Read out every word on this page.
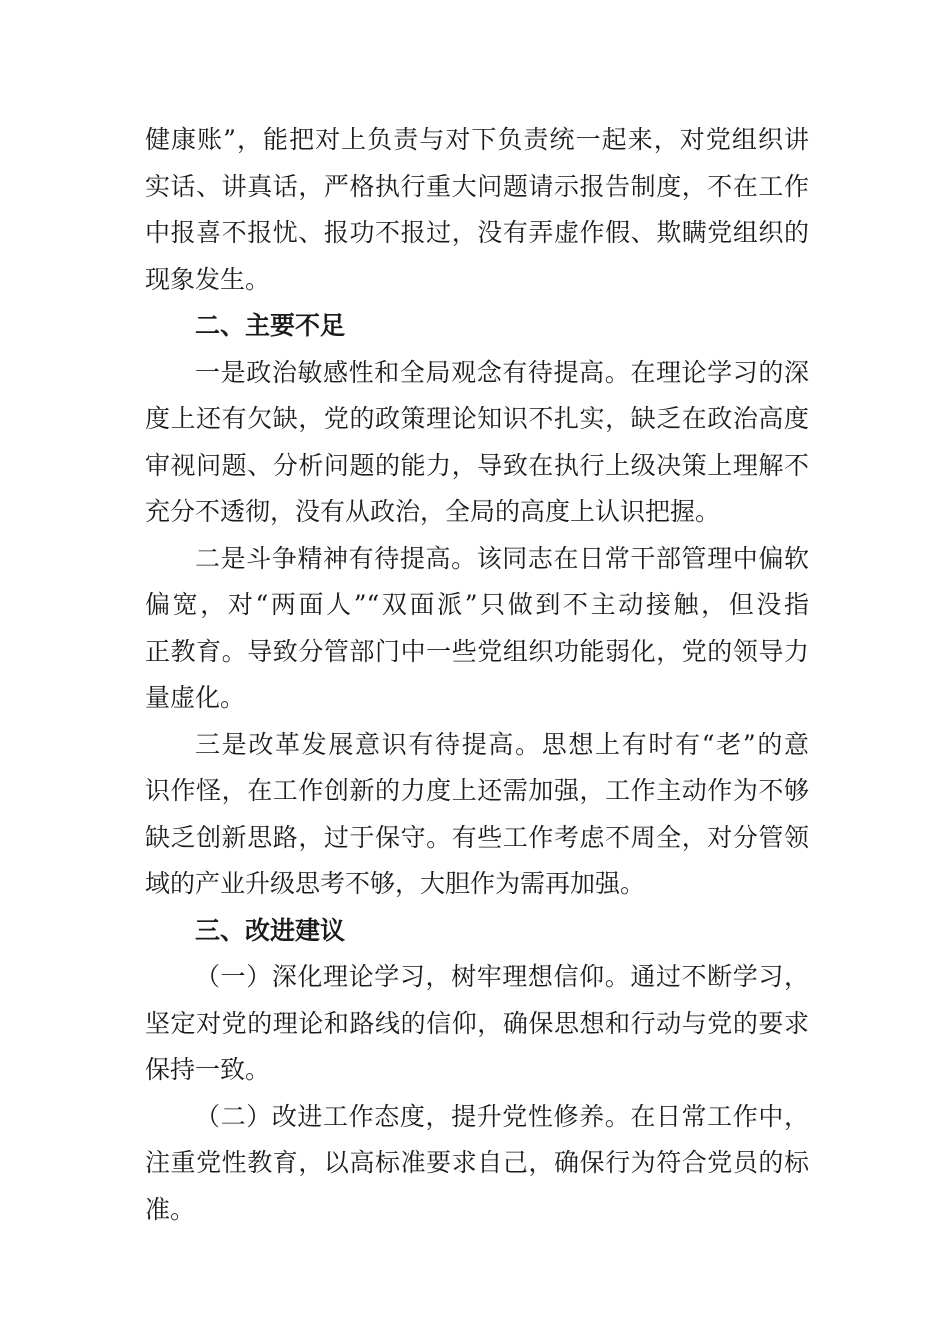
健康账”，能把对上负责与对下负责统一起来，对党组织讲
实话、讲真话，严格执行重大问题请示报告制度，不在工作
中报喜不报忧、报功不报过，没有弄虚作假、欺瞒党组织的
现象发生。
二、主要不足
一是政治敏感性和全局观念有待提高。在理论学习的深
度上还有欠缺，党的政策理论知识不扎实，缺乏在政治高度
审视问题、分析问题的能力，导致在执行上级决策上理解不
充分不透彻，没有从政治，全局的高度上认识把握。
二是斗争精神有待提高。该同志在日常干部管理中偏软
偏宽，对“两面人”“双面派”只做到不主动接触，但没指
正教育。导致分管部门中一些党组织功能弱化，党的领导力
量虚化。
三是改革发展意识有待提高。思想上有时有“老”的意
识作怪，在工作创新的力度上还需加强，工作主动作为不够
缺乏创新思路，过于保守。有些工作考虑不周全，对分管领
域的产业升级思考不够，大胆作为需再加强。
三、改进建议
（一）深化理论学习，树牢理想信仰。通过不断学习，
坚定对党的理论和路线的信仰，确保思想和行动与党的要求
保持一致。
（二）改进工作态度，提升党性修养。在日常工作中，
注重党性教育，以高标准要求自己，确保行为符合党员的标
准。
